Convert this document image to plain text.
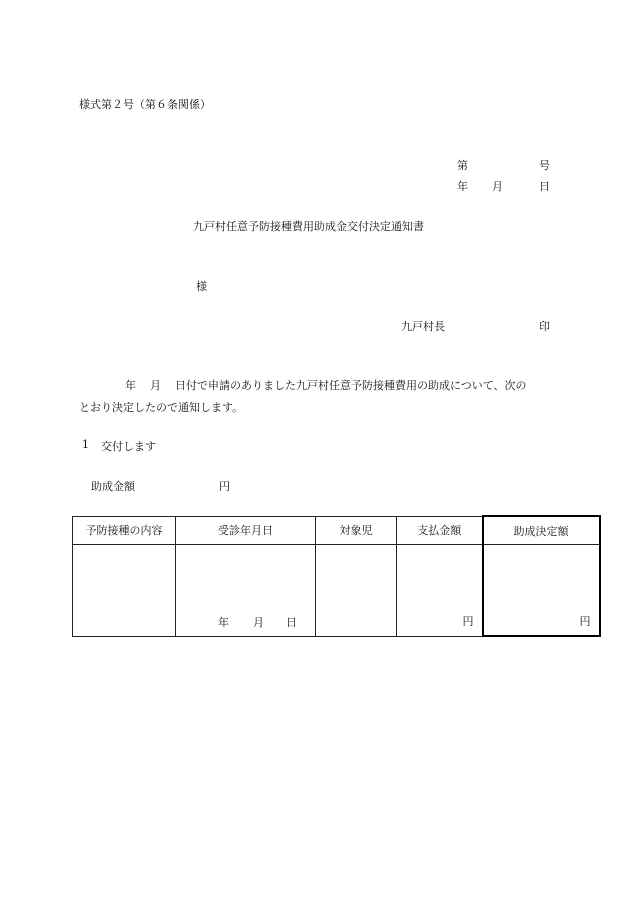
様式第２号（第６条関係）
第	号
年 月	日
九戸村任意予防接種費用助成金交付決定通知書
様
九戸村長	印
年 月 日付で申請のありました九戸村任意予防接種費用の助成について、次の
とおり決定したので通知します。
1 交付します
助成金額	円
予防接種の内容	受診年月日	対象児	支払金額	助成決定額

	年 月 日		円	円
